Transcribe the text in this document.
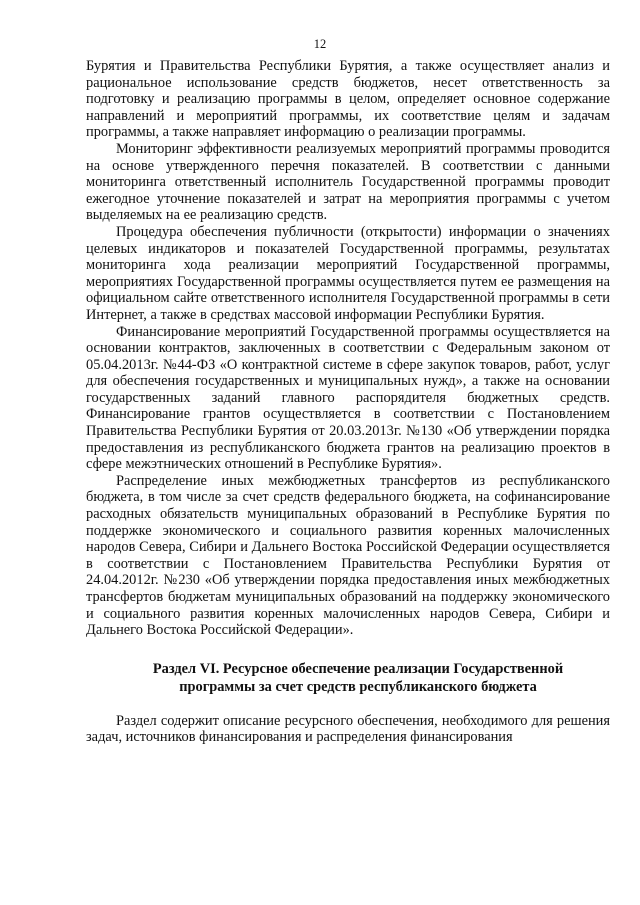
12

Бурятия и Правительства Республики Бурятия, а также осуществляет анализ и рациональное использование средств бюджетов, несет ответственность за подготовку и реализацию программы в целом, определяет основное содержание направлений и мероприятий программы, их соответствие целям и задачам программы, а также направляет информацию о реализации программы.

Мониторинг эффективности реализуемых мероприятий программы проводится на основе утвержденного перечня показателей. В соответствии с данными мониторинга ответственный исполнитель Государственной программы проводит ежегодное уточнение показателей и затрат на мероприятия программы с учетом выделяемых на ее реализацию средств.

Процедура обеспечения публичности (открытости) информации о значениях целевых индикаторов и показателей Государственной программы, результатах мониторинга хода реализации мероприятий Государственной программы, мероприятиях Государственной программы осуществляется путем ее размещения на официальном сайте ответственного исполнителя Государственной программы в сети Интернет, а также в средствах массовой информации Республики Бурятия.

Финансирование мероприятий Государственной программы осуществляется на основании контрактов, заключенных в соответствии с Федеральным законом от 05.04.2013г. №44-ФЗ «О контрактной системе в сфере закупок товаров, работ, услуг для обеспечения государственных и муниципальных нужд», а также на основании государственных заданий главного распорядителя бюджетных средств. Финансирование грантов осуществляется в соответствии с Постановлением Правительства Республики Бурятия от 20.03.2013г. №130 «Об утверждении порядка предоставления из республиканского бюджета грантов на реализацию проектов в сфере межэтнических отношений в Республике Бурятия».

Распределение иных межбюджетных трансфертов из республиканского бюджета, в том числе за счет средств федерального бюджета, на софинансирование расходных обязательств муниципальных образований в Республике Бурятия по поддержке экономического и социального развития коренных малочисленных народов Севера, Сибири и Дальнего Востока Российской Федерации осуществляется в соответствии с Постановлением Правительства Республики Бурятия от 24.04.2012г. №230 «Об утверждении порядка предоставления иных межбюджетных трансфертов бюджетам муниципальных образований на поддержку экономического и социального развития коренных малочисленных народов Севера, Сибири и Дальнего Востока Российской Федерации».

Раздел VI. Ресурсное обеспечение реализации Государственной программы за счет средств республиканского бюджета

Раздел содержит описание ресурсного обеспечения, необходимого для решения задач, источников финансирования и распределения финансирования
